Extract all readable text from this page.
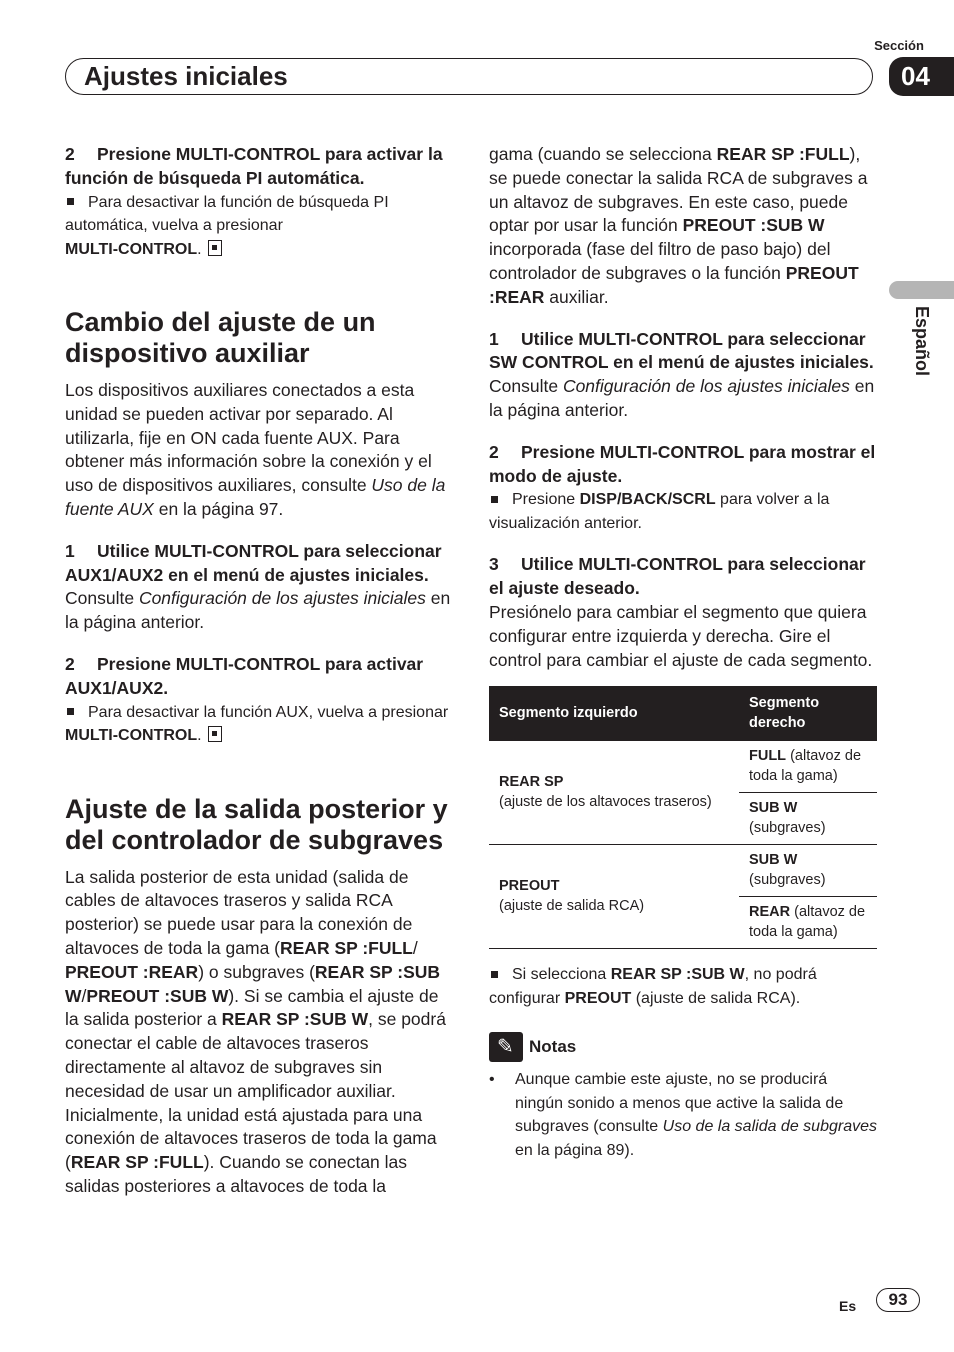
Ajustes iniciales
Sección
04
Español

2 Presione MULTI-CONTROL para activar la función de búsqueda PI automática.

Para desactivar la función de búsqueda PI automática, vuelva a presionar
MULTI-CONTROL.

Cambio del ajuste de un dispositivo auxiliar

Los dispositivos auxiliares conectados a esta unidad se pueden activar por separado. Al utilizarla, fije en ON cada fuente AUX. Para obtener más información sobre la conexión y el uso de dispositivos auxiliares, consulte Uso de la fuente AUX en la página 97.

1 Utilice MULTI-CONTROL para seleccionar AUX1/AUX2 en el menú de ajustes iniciales.

Consulte Configuración de los ajustes iniciales en la página anterior.

2 Presione MULTI-CONTROL para activar AUX1/AUX2.

Para desactivar la función AUX, vuelva a presionar MULTI-CONTROL.

Ajuste de la salida posterior y del controlador de subgraves

La salida posterior de esta unidad (salida de cables de altavoces traseros y salida RCA posterior) se puede usar para la conexión de altavoces de toda la gama (REAR SP :FULL/ PREOUT :REAR) o subgraves (REAR SP :SUB W/PREOUT :SUB W). Si se cambia el ajuste de la salida posterior a REAR SP :SUB W, se podrá conectar el cable de altavoces traseros directamente al altavoz de subgraves sin necesidad de usar un amplificador auxiliar.

Inicialmente, la unidad está ajustada para una conexión de altavoces traseros de toda la gama (REAR SP :FULL). Cuando se conectan las salidas posteriores a altavoces de toda la

gama (cuando se selecciona REAR SP :FULL), se puede conectar la salida RCA de subgraves a un altavoz de subgraves. En este caso, puede optar por usar la función PREOUT :SUB W incorporada (fase del filtro de paso bajo) del controlador de subgraves o la función PREOUT :REAR auxiliar.

1 Utilice MULTI-CONTROL para seleccionar SW CONTROL en el menú de ajustes iniciales.

Consulte Configuración de los ajustes iniciales en la página anterior.

2 Presione MULTI-CONTROL para mostrar el modo de ajuste.

Presione DISP/BACK/SCRL para volver a la visualización anterior.

3 Utilice MULTI-CONTROL para seleccionar el ajuste deseado.

Presiónelo para cambiar el segmento que quiera configurar entre izquierda y derecha. Gire el control para cambiar el ajuste de cada segmento.

Segmento izquierdo	Segmento derecho
REAR SP
(ajuste de los altavoces traseros)	FULL (altavoz de toda la gama)
	SUB W (subgraves)
PREOUT
(ajuste de salida RCA)	SUB W (subgraves)
	REAR (altavoz de toda la gama)

Si selecciona REAR SP :SUB W, no podrá configurar PREOUT (ajuste de salida RCA).

✎
Notas
•	Aunque cambie este ajuste, no se producirá ningún sonido a menos que active la salida de subgraves (consulte Uso de la salida de subgraves en la página 89).

Es	93
